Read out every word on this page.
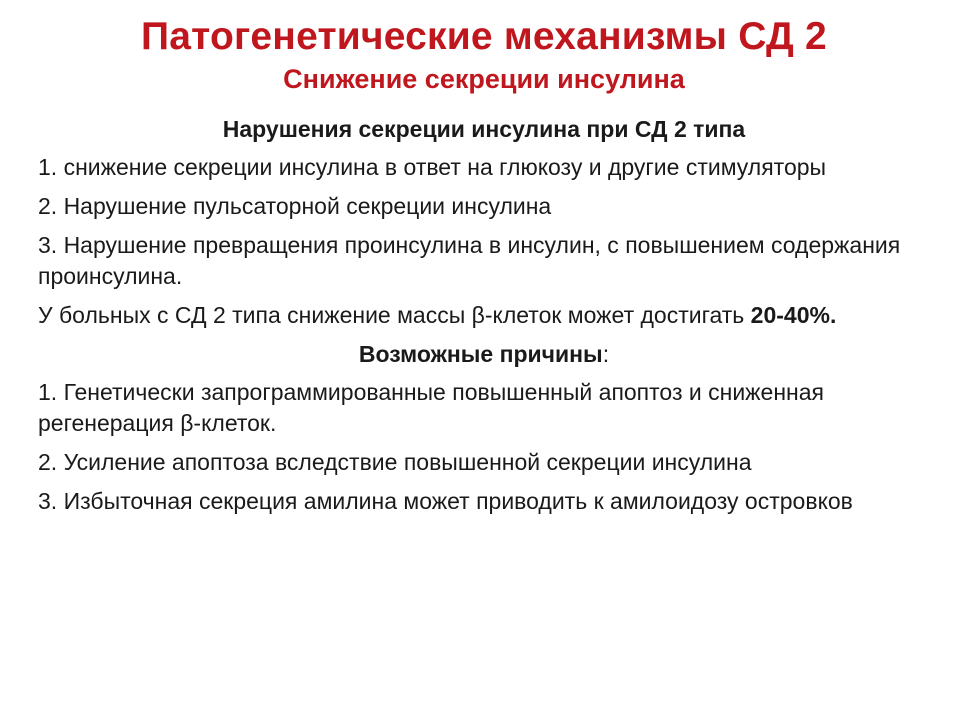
Патогенетические механизмы СД 2
Снижение секреции инсулина
Нарушения секреции инсулина при СД 2 типа

1. снижение секреции инсулина в ответ на глюкозу и другие стимуляторы

2. Нарушение пульсаторной секреции инсулина

3. Нарушение превращения проинсулина в инсулин, с повышением содержания проинсулина.

У больных с СД 2 типа снижение массы β-клеток может достигать 20-40%.

Возможные причины:

1. Генетически запрограммированные повышенный апоптоз и сниженная регенерация β-клеток.

2. Усиление апоптоза вследствие повышенной секреции инсулина

3. Избыточная секреция амилина может приводить к амилоидозу островков
